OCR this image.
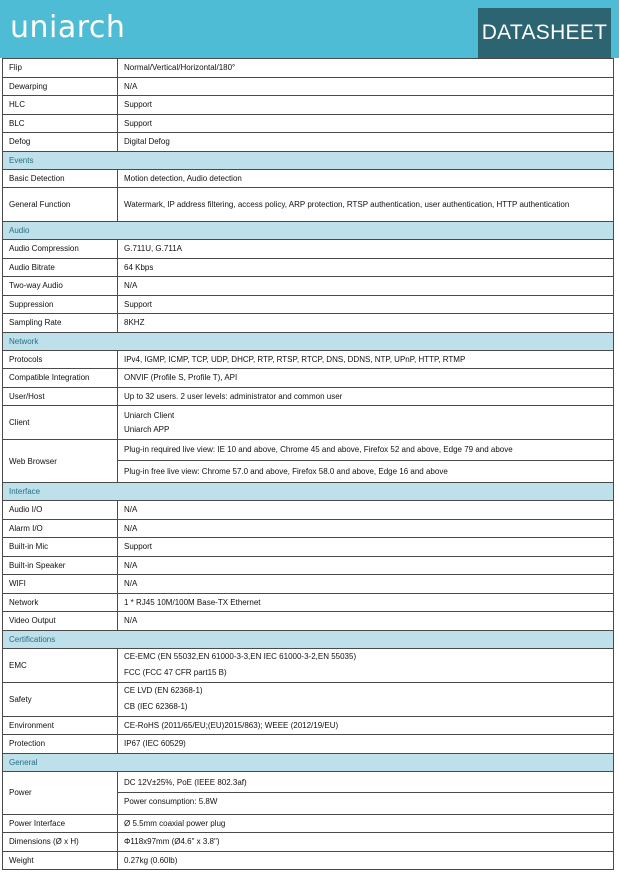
uniarch	DATASHEET
Flip	Normal/Vertical/Horizontal/180°
Dewarping	N/A
HLC	Support
BLC	Support
Defog	Digital Defog
Events	
Basic Detection	Motion detection, Audio detection
General Function	Watermark, IP address filtering, access policy, ARP protection, RTSP authentication, user authentication, HTTP authentication
Audio	
Audio Compression	G.711U, G.711A
Audio Bitrate	64 Kbps
Two-way Audio	N/A
Suppression	Support
Sampling Rate	8KHZ
Network	
Protocols	IPv4, IGMP, ICMP, TCP, UDP, DHCP, RTP, RTSP, RTCP, DNS, DDNS, NTP, UPnP, HTTP, RTMP
Compatible Integration	ONVIF (Profile S, Profile T), API
User/Host	Up to 32 users. 2 user levels: administrator and common user
Client	Uniarch Client
Uniarch APP

Web Browser	Plug-in required live view: IE 10 and above, Chrome 45 and above, Firefox 52 and above, Edge 79 and above
Plug-in free live view: Chrome 57.0 and above, Firefox 58.0 and above, Edge 16 and above

Interface	
Audio I/O	N/A
Alarm I/O	N/A
Built-in Mic	Support
Built-in Speaker	N/A
WIFI	N/A
Network	1 * RJ45 10M/100M Base-TX Ethernet
Video Output	N/A
Certifications	
EMC	CE-EMC (EN 55032,EN 61000-3-3,EN IEC 61000-3-2,EN 55035)
FCC (FCC 47 CFR part15 B)

Safety	CE LVD (EN 62368-1)
CB (IEC 62368-1)

Environment	CE-RoHS (2011/65/EU;(EU)2015/863); WEEE (2012/19/EU)
Protection	IP67 (IEC 60529)
General	
Power	DC 12V±25%, PoE (IEEE 802.3af)
Power consumption: 5.8W

Power Interface	Ø 5.5mm coaxial power plug
Dimensions (Ø x H)	Φ118x97mm (Ø4.6" x 3.8")
Weight	0.27kg (0.60lb)
